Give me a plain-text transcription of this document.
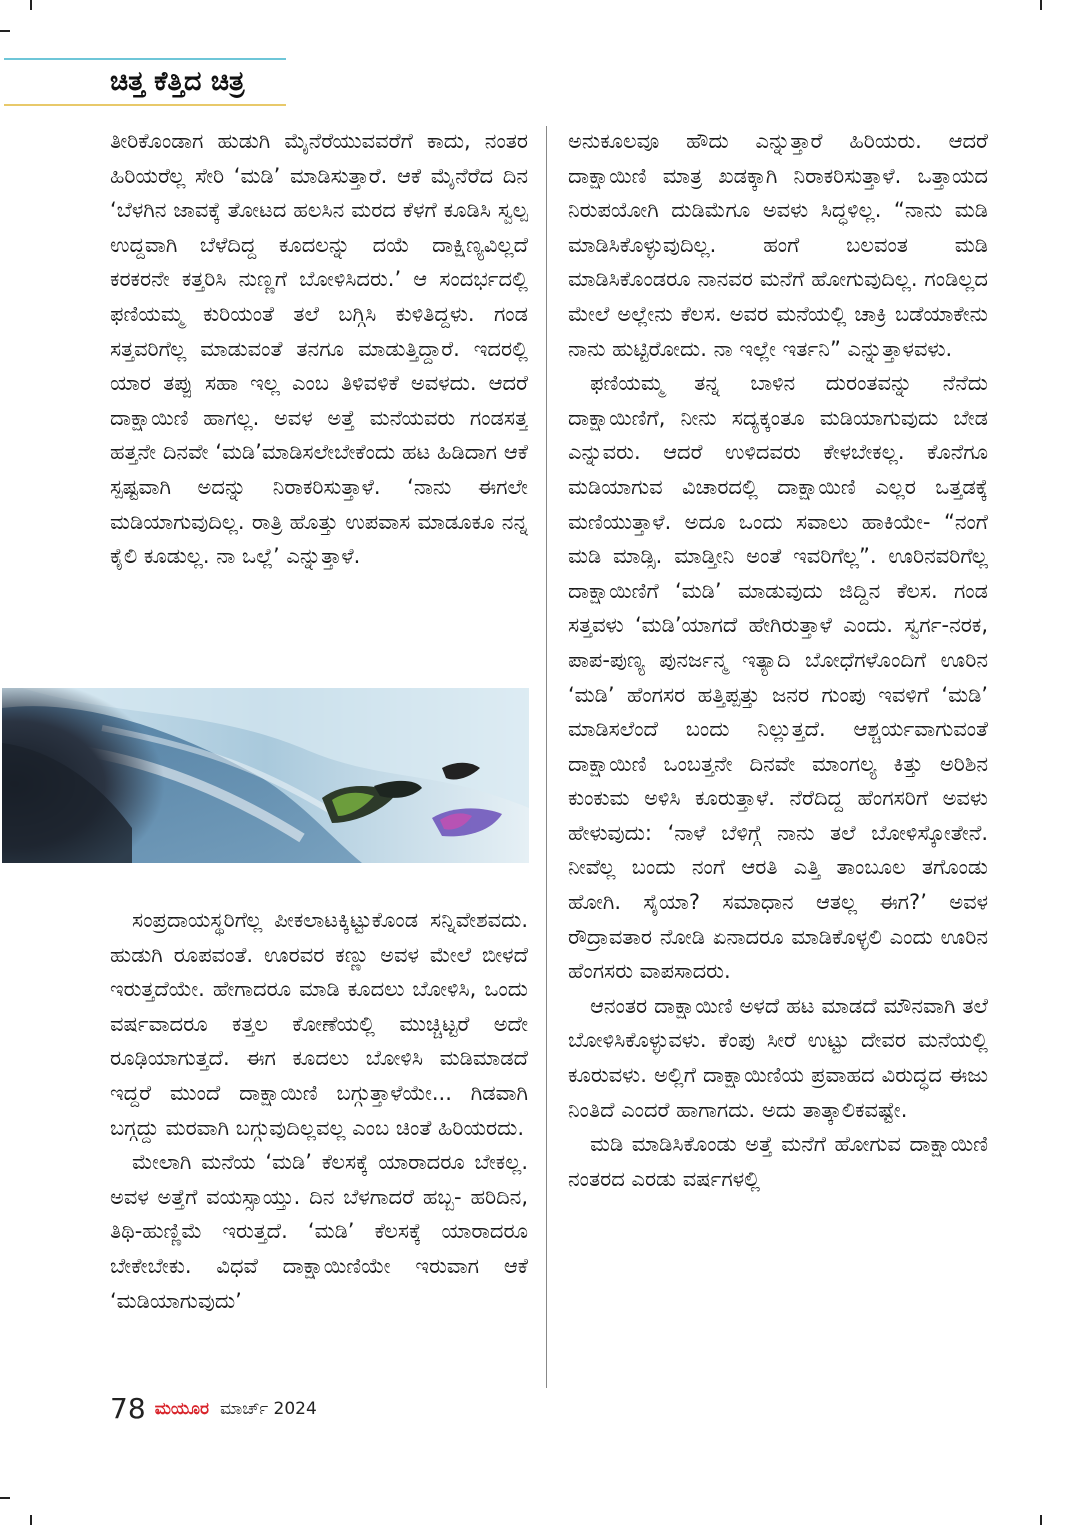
ಚಿತ್ತ ಕೆತ್ತಿದ ಚಿತ್ರ

ತೀರಿಕೊಂಡಾಗ ಹುಡುಗಿ ಮೈನೆರೆಯುವವರೆಗೆ ಕಾದು, ನಂತರ ಹಿರಿಯರೆಲ್ಲ ಸೇರಿ ‘ಮಡಿ’ ಮಾಡಿಸುತ್ತಾರೆ. ಆಕೆ ಮೈನೆರೆದ ದಿನ ‘ಬೆಳಗಿನ ಜಾವಕ್ಕೆ ತೋಟದ ಹಲಸಿನ ಮರದ ಕೆಳಗೆ ಕೂಡಿಸಿ ಸ್ವಲ್ಪ ಉದ್ದವಾಗಿ ಬೆಳೆದಿದ್ದ ಕೂದಲನ್ನು ದಯೆ ದಾಕ್ಷಿಣ್ಯವಿಲ್ಲದೆ ಕರಕರನೇ ಕತ್ತರಿಸಿ ನುಣ್ಣಗೆ ಬೋಳಿಸಿದರು.’ ಆ ಸಂದರ್ಭದಲ್ಲಿ ಫಣಿಯಮ್ಮ ಕುರಿಯಂತೆ ತಲೆ ಬಗ್ಗಿಸಿ ಕುಳಿತಿದ್ದಳು. ಗಂಡ ಸತ್ತವರಿಗೆಲ್ಲ ಮಾಡುವಂತೆ ತನಗೂ ಮಾಡುತ್ತಿದ್ದಾರೆ. ಇದರಲ್ಲಿ ಯಾರ ತಪ್ಪು ಸಹಾ ಇಲ್ಲ ಎಂಬ ತಿಳಿವಳಿಕೆ ಅವಳದು. ಆದರೆ ದಾಕ್ಷಾಯಿಣಿ ಹಾಗಲ್ಲ. ಅವಳ ಅತ್ತೆ ಮನೆಯವರು ಗಂಡಸತ್ತ ಹತ್ತನೇ ದಿನವೇ ‘ಮಡಿ’ಮಾಡಿಸಲೇಬೇಕೆಂದು ಹಟ ಹಿಡಿದಾಗ ಆಕೆ ಸ್ಪಷ್ಟವಾಗಿ ಅದನ್ನು ನಿರಾಕರಿಸುತ್ತಾಳೆ. ‘ನಾನು ಈಗಲೇ ಮಡಿಯಾಗುವುದಿಲ್ಲ. ರಾತ್ರಿ ಹೊತ್ತು ಉಪವಾಸ ಮಾಡೂಕೂ ನನ್ನ ಕೈಲಿ ಕೂಡುಲ್ಲ. ನಾ ಒಲ್ಲೆ’ ಎನ್ನುತ್ತಾಳೆ.

ಸಂಪ್ರದಾಯಸ್ಥರಿಗೆಲ್ಲ ಪೀಕಲಾಟಕ್ಕಿಟ್ಟುಕೊಂಡ ಸನ್ನಿವೇಶವದು. ಹುಡುಗಿ ರೂಪವಂತೆ. ಊರವರ ಕಣ್ಣು ಅವಳ ಮೇಲೆ ಬೀಳದೆ ಇರುತ್ತದೆಯೇ. ಹೇಗಾದರೂ ಮಾಡಿ ಕೂದಲು ಬೋಳಿಸಿ, ಒಂದು ವರ್ಷವಾದರೂ ಕತ್ತಲ ಕೋಣೆಯಲ್ಲಿ ಮುಚ್ಚಿಟ್ಟರೆ ಅದೇ ರೂಢಿಯಾಗುತ್ತದೆ. ಈಗ ಕೂದಲು ಬೋಳಿಸಿ ಮಡಿಮಾಡದೆ ಇದ್ದರೆ ಮುಂದೆ ದಾಕ್ಷಾಯಿಣಿ ಬಗ್ಗುತ್ತಾಳೆಯೇ... ಗಿಡವಾಗಿ ಬಗ್ಗದ್ದು ಮರವಾಗಿ ಬಗ್ಗುವುದಿಲ್ಲವಲ್ಲ ಎಂಬ ಚಿಂತೆ ಹಿರಿಯರದು.

ಮೇಲಾಗಿ ಮನೆಯ ‘ಮಡಿ’ ಕೆಲಸಕ್ಕೆ ಯಾರಾದರೂ ಬೇಕಲ್ಲ. ಅವಳ ಅತ್ತೆಗೆ ವಯಸ್ಸಾಯ್ತು. ದಿನ ಬೆಳಗಾದರೆ ಹಬ್ಬ- ಹರಿದಿನ, ತಿಥಿ-ಹುಣ್ಣಿಮೆ ಇರುತ್ತದೆ. ‘ಮಡಿ’ ಕೆಲಸಕ್ಕೆ ಯಾರಾದರೂ ಬೇಕೇಬೇಕು. ವಿಧವೆ ದಾಕ್ಷಾಯಿಣಿಯೇ ಇರುವಾಗ ಆಕೆ ‘ಮಡಿಯಾಗುವುದು’

ಅನುಕೂಲವೂ ಹೌದು ಎನ್ನುತ್ತಾರೆ ಹಿರಿಯರು. ಆದರೆ ದಾಕ್ಷಾಯಿಣಿ ಮಾತ್ರ ಖಡಕ್ಕಾಗಿ ನಿರಾಕರಿಸುತ್ತಾಳೆ. ಒತ್ತಾಯದ ನಿರುಪಯೋಗಿ ದುಡಿಮೆಗೂ ಅವಳು ಸಿದ್ಧಳಿಲ್ಲ. “ನಾನು ಮಡಿ ಮಾಡಿಸಿಕೊಳ್ಳುವುದಿಲ್ಲ. ಹಂಗೆ ಬಲವಂತ ಮಡಿ ಮಾಡಿಸಿಕೊಂಡರೂ ನಾನವರ ಮನೆಗೆ ಹೋಗುವುದಿಲ್ಲ. ಗಂಡಿಲ್ಲದ ಮೇಲೆ ಅಲ್ಲೇನು ಕೆಲಸ. ಅವರ ಮನೆಯಲ್ಲಿ ಚಾಕ್ರಿ ಬಡೆಯಾಕೇನು ನಾನು ಹುಟ್ಟಿರೋದು. ನಾ ಇಲ್ಲೇ ಇರ್ತನಿ” ಎನ್ನುತ್ತಾಳವಳು.

ಫಣಿಯಮ್ಮ ತನ್ನ ಬಾಳಿನ ದುರಂತವನ್ನು ನೆನೆದು ದಾಕ್ಷಾಯಿಣಿಗೆ, ನೀನು ಸದ್ಯಕ್ಕಂತೂ ಮಡಿಯಾಗುವುದು ಬೇಡ ಎನ್ನುವರು. ಆದರೆ ಉಳಿದವರು ಕೇಳಬೇಕಲ್ಲ. ಕೊನೆಗೂ ಮಡಿಯಾಗುವ ವಿಚಾರದಲ್ಲಿ ದಾಕ್ಷಾಯಿಣಿ ಎಲ್ಲರ ಒತ್ತಡಕ್ಕೆ ಮಣಿಯುತ್ತಾಳೆ. ಅದೂ ಒಂದು ಸವಾಲು ಹಾಕಿಯೇ- “ನಂಗೆ ಮಡಿ ಮಾಡ್ಸಿ. ಮಾಡ್ತೀನಿ ಅಂತೆ ಇವರಿಗೆಲ್ಲ”. ಊರಿನವರಿಗೆಲ್ಲ ದಾಕ್ಷಾಯಿಣಿಗೆ ‘ಮಡಿ’ ಮಾಡುವುದು ಜಿದ್ದಿನ ಕೆಲಸ. ಗಂಡ ಸತ್ತವಳು ‘ಮಡಿ’ಯಾಗದೆ ಹೇಗಿರುತ್ತಾಳೆ ಎಂದು. ಸ್ವರ್ಗ-ನರಕ, ಪಾಪ-ಪುಣ್ಯ ಪುನರ್ಜನ್ಮ ಇತ್ಯಾದಿ ಬೋಧೆಗಳೊಂದಿಗೆ ಊರಿನ ‘ಮಡಿ’ ಹೆಂಗಸರ ಹತ್ತಿಪ್ಪತ್ತು ಜನರ ಗುಂಪು ಇವಳಿಗೆ ‘ಮಡಿ’ ಮಾಡಿಸಲೆಂದೆ ಬಂದು ನಿಲ್ಲುತ್ತದೆ. ಆಶ್ಚರ್ಯವಾಗುವಂತೆ ದಾಕ್ಷಾಯಿಣಿ ಒಂಬತ್ತನೇ ದಿನವೇ ಮಾಂಗಲ್ಯ ಕಿತ್ತು ಅರಿಶಿನ ಕುಂಕುಮ ಅಳಿಸಿ ಕೂರುತ್ತಾಳೆ. ನೆರೆದಿದ್ದ ಹೆಂಗಸರಿಗೆ ಅವಳು ಹೇಳುವುದು: ‘ನಾಳೆ ಬೆಳಿಗ್ಗೆ ನಾನು ತಲೆ ಬೋಳಿಸ್ಕೋತೇನೆ. ನೀವೆಲ್ಲ ಬಂದು ನಂಗೆ ಆರತಿ ಎತ್ತಿ ತಾಂಬೂಲ ತಗೊಂಡು ಹೋಗಿ. ಸೈಯಾ? ಸಮಾಧಾನ ಆತಲ್ಲ ಈಗ?’ ಅವಳ ರೌದ್ರಾವತಾರ ನೋಡಿ ಏನಾದರೂ ಮಾಡಿಕೊಳ್ಳಲಿ ಎಂದು ಊರಿನ ಹೆಂಗಸರು ವಾಪಸಾದರು.

ಆನಂತರ ದಾಕ್ಷಾಯಿಣಿ ಅಳದೆ ಹಟ ಮಾಡದೆ ಮೌನವಾಗಿ ತಲೆ ಬೋಳಿಸಿಕೊಳ್ಳುವಳು. ಕೆಂಪು ಸೀರೆ ಉಟ್ಟು ದೇವರ ಮನೆಯಲ್ಲಿ ಕೂರುವಳು. ಅಲ್ಲಿಗೆ ದಾಕ್ಷಾಯಿಣಿಯ ಪ್ರವಾಹದ ವಿರುದ್ಧದ ಈಜು ನಿಂತಿದೆ ಎಂದರೆ ಹಾಗಾಗದು. ಅದು ತಾತ್ಕಾಲಿಕವಷ್ಟೇ.

ಮಡಿ ಮಾಡಿಸಿಕೊಂಡು ಅತ್ತೆ ಮನೆಗೆ ಹೋಗುವ ದಾಕ್ಷಾಯಿಣಿ ನಂತರದ ಎರಡು ವರ್ಷಗಳಲ್ಲಿ

78 ಮಯೂರ ಮಾರ್ಚ್ 2024
